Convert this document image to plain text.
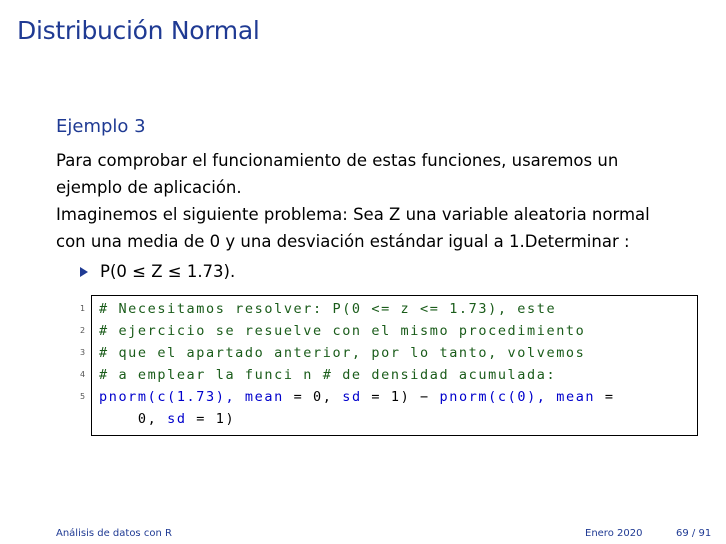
Distribución Normal
Ejemplo 3
Para comprobar el funcionamiento de estas funciones, usaremos un
ejemplo de aplicación.
Imaginemos el siguiente problema: Sea Z una variable aleatoria normal
con una media de 0 y una desviación estándar igual a 1.Determinar :
P(0 ≤ Z ≤ 1.73).

1

# Necesitamos resolver: P(0 <= z <= 1.73), este

2

# ejercicio se resuelve con el mismo procedimiento

3

# que el apartado anterior, por lo tanto, volvemos

4

# a emplear la funci n # de densidad acumulada:

5

pnorm(c(1.73), mean = 0, sd = 1) − pnorm(c(0), mean =

0, sd = 1)

Análisis de datos con R	Enero 2020	69 / 91
